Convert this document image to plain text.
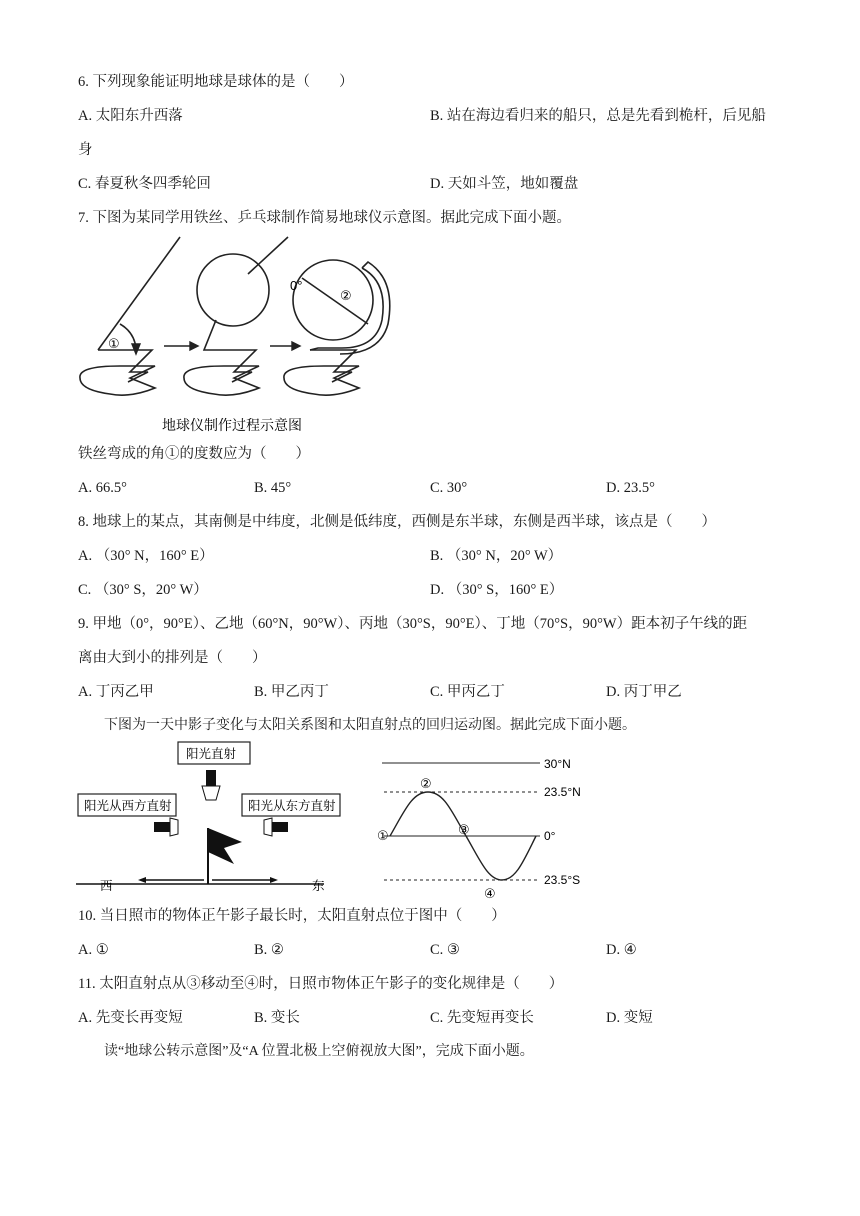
6. 下列现象能证明地球是球体的是（　　）
A. 太阳东升西落	B. 站在海边看归来的船只，总是先看到桅杆，后见船
身
C. 春夏秋冬四季轮回	D. 天如斗笠，地如覆盘
7. 下图为某同学用铁丝、乒乓球制作简易地球仪示意图。据此完成下面小题。
①
②
0°
地球仪制作过程示意图
铁丝弯成的角①的度数应为（　　）
A. 66.5°	B. 45°	C. 30°	D. 23.5°
8. 地球上的某点，其南侧是中纬度，北侧是低纬度，西侧是东半球，东侧是西半球，该点是（　　）
A. （30° N，160° E）	B. （30° N，20° W）
C. （30° S，20° W）	D. （30° S，160° E）
9. 甲地（0°，90°E）、乙地（60°N，90°W）、丙地（30°S，90°E）、丁地（70°S，90°W）距本初子午线的距
离由大到小的排列是（　　）
A. 丁丙乙甲	B. 甲乙丙丁	C. 甲丙乙丁	D. 丙丁甲乙
下图为一天中影子变化与太阳关系图和太阳直射点的回归运动图。据此完成下面小题。
阳光直射
阳光从西方直射	阳光从东方直射
西	东
30°N
23.5°N
0°
23.5°S
①
②
③
④
10. 当日照市的物体正午影子最长时，太阳直射点位于图中（　　）
A. ①	B. ②	C. ③	D. ④
11. 太阳直射点从③移动至④时，日照市物体正午影子的变化规律是（　　）
A. 先变长再变短	B. 变长	C. 先变短再变长	D. 变短
读“地球公转示意图”及“A 位置北极上空俯视放大图”，完成下面小题。
